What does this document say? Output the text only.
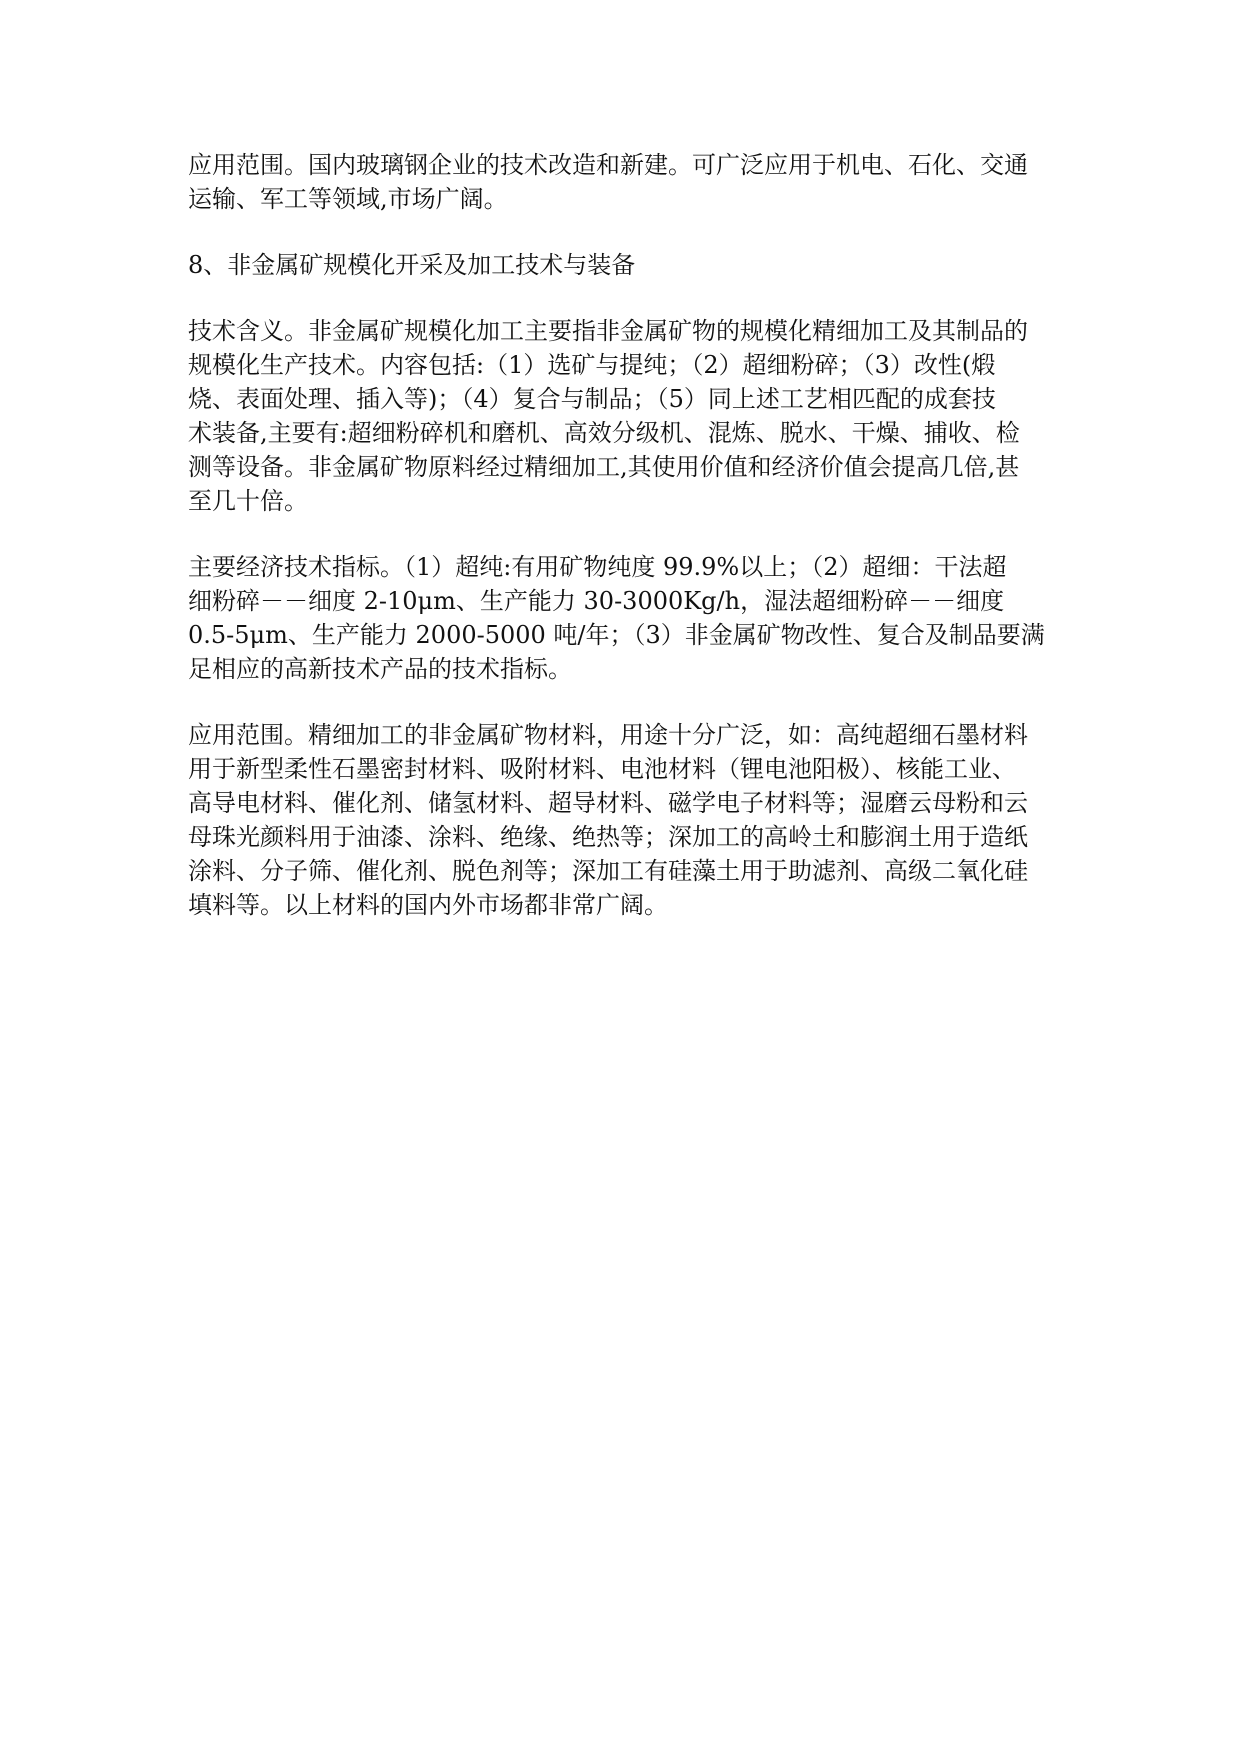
应用范围。国内玻璃钢企业的技术改造和新建。可广泛应用于机电、石化、交通
运输、军工等领域,市场广阔。

8、非金属矿规模化开采及加工技术与装备

技术含义。非金属矿规模化加工主要指非金属矿物的规模化精细加工及其制品的
规模化生产技术。内容包括:（1）选矿与提纯；（2）超细粉碎；（3）改性(煅
烧、表面处理、插入等)；（4）复合与制品；（5）同上述工艺相匹配的成套技
术装备,主要有:超细粉碎机和磨机、高效分级机、混炼、脱水、干燥、捕收、检
测等设备。非金属矿物原料经过精细加工,其使用价值和经济价值会提高几倍,甚
至几十倍。

主要经济技术指标。（1）超纯:有用矿物纯度 99.9%以上；（2）超细：干法超
细粉碎－－细度 2-10μm、生产能力 30-3000Kg/h，湿法超细粉碎－－细度
0.5-5μm、生产能力 2000-5000 吨/年；（3）非金属矿物改性、复合及制品要满
足相应的高新技术产品的技术指标。

应用范围。精细加工的非金属矿物材料，用途十分广泛，如：高纯超细石墨材料
用于新型柔性石墨密封材料、吸附材料、电池材料（锂电池阳极）、核能工业、
高导电材料、催化剂、储氢材料、超导材料、磁学电子材料等；湿磨云母粉和云
母珠光颜料用于油漆、涂料、绝缘、绝热等；深加工的高岭土和膨润土用于造纸
涂料、分子筛、催化剂、脱色剂等；深加工有硅藻土用于助滤剂、高级二氧化硅
填料等。以上材料的国内外市场都非常广阔。
